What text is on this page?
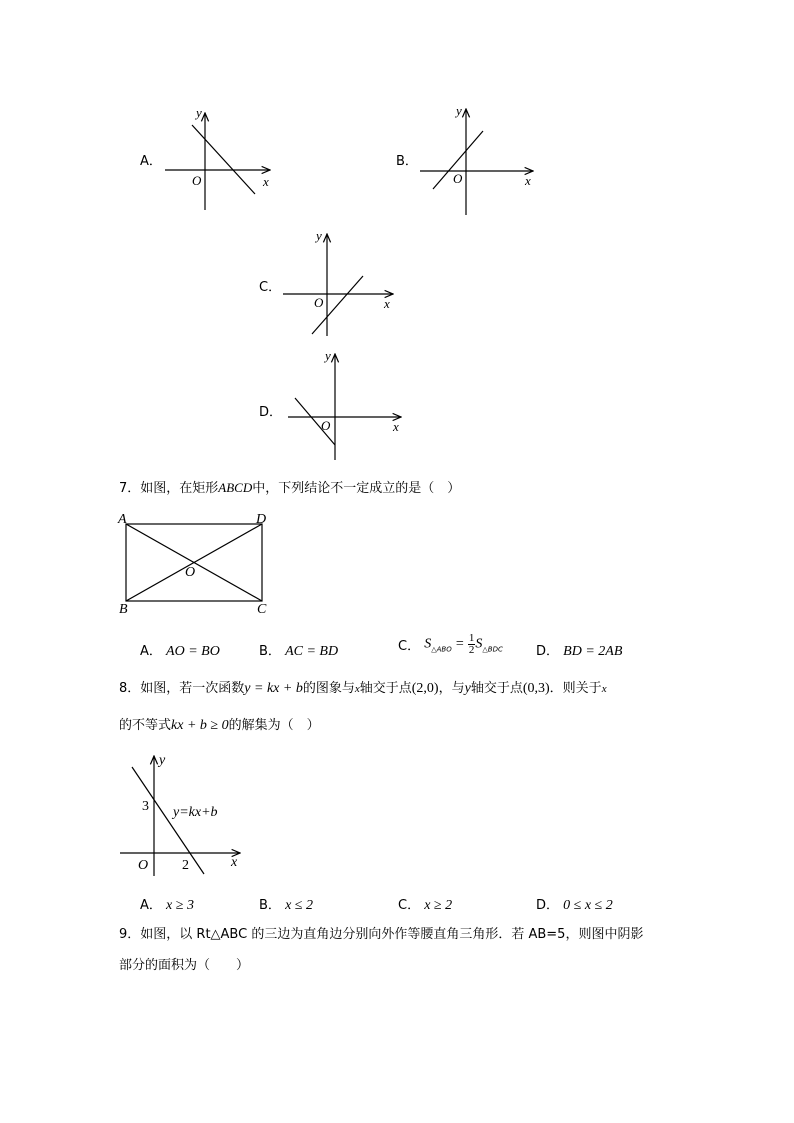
A．
y
x
O
B．
y
x
O
C．
y
x
O
D．
y
x
O
7．如图，在矩形ABCD中，下列结论不一定成立的是（　）
A	D
B	C
O
A． AO = BO	B． AC = BD	C． $S_{\triangle ABO} = \frac{1}{2} S_{\triangle BDC}$	D． BD = 2AB
8．如图，若一次函数y = kx + b的图象与$^x$轴交于点(2,0)，与y轴交于点(0,3)．则关于$^x$
的不等式kx + b ≥ 0的解集为（　）
y
x
O
3
2
y=kx+b
A． x ≥ 3	B． x ≤ 2	C． x ≥ 2	D． 0 ≤ x ≤ 2
9．如图，以 Rt△ABC 的三边为直角边分别向外作等腰直角三角形．若 AB=5，则图中阴影
部分的面积为（　　）
